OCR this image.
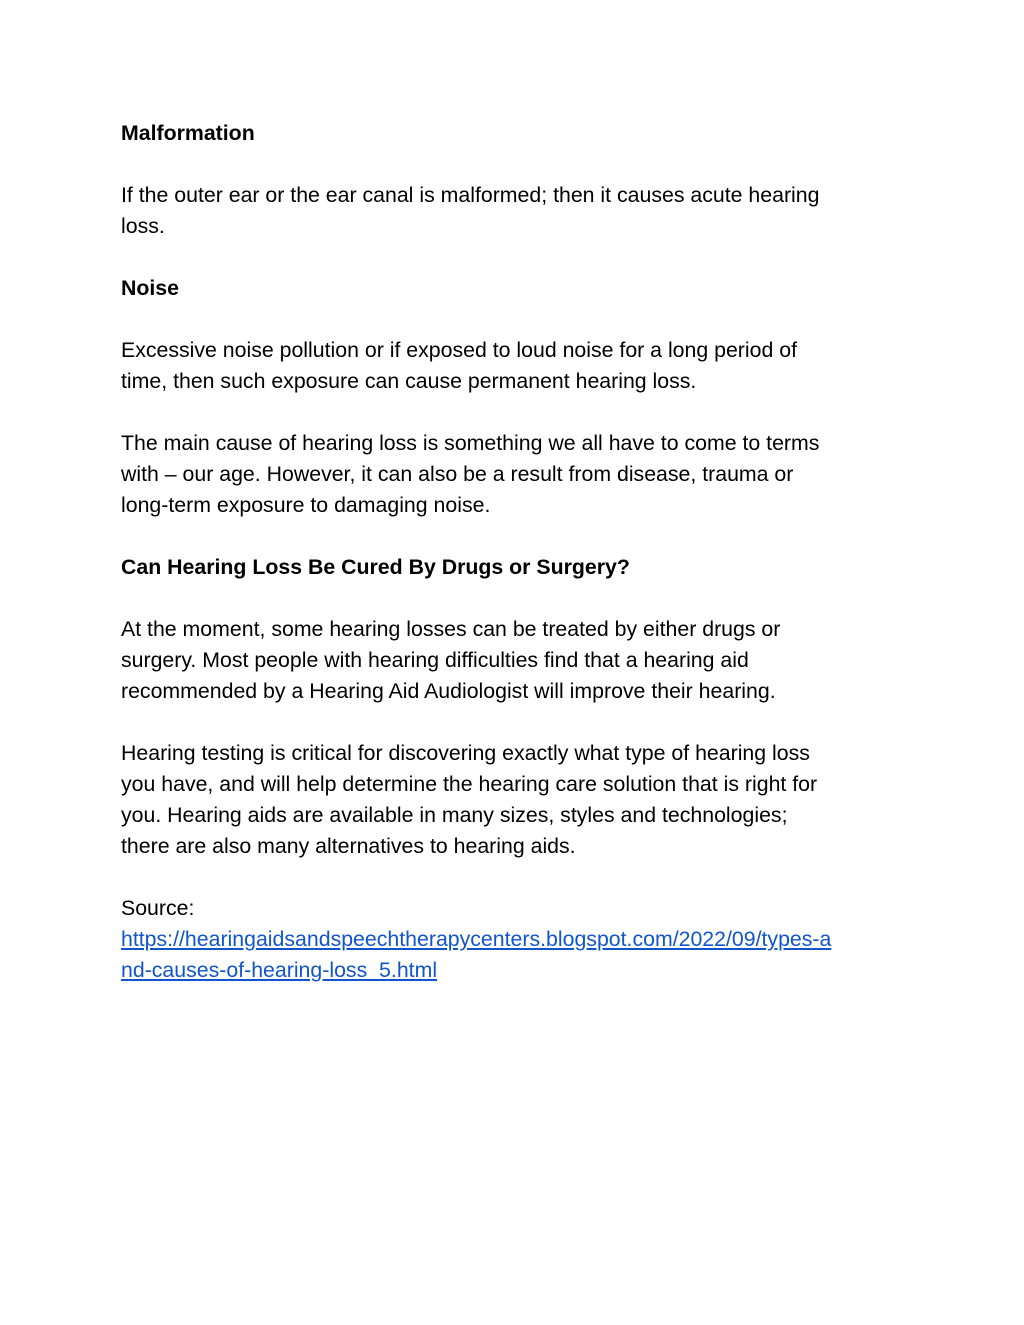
Malformation

If the outer ear or the ear canal is malformed; then it causes acute hearing

loss.

Noise

Excessive noise pollution or if exposed to loud noise for a long period of

time, then such exposure can cause permanent hearing loss.

The main cause of hearing loss is something we all have to come to terms

with – our age. However, it can also be a result from disease, trauma or

long-term exposure to damaging noise.

Can Hearing Loss Be Cured By Drugs or Surgery?

At the moment, some hearing losses can be treated by either drugs or

surgery. Most people with hearing difficulties find that a hearing aid

recommended by a Hearing Aid Audiologist will improve their hearing.

Hearing testing is critical for discovering exactly what type of hearing loss

you have, and will help determine the hearing care solution that is right for

you. Hearing aids are available in many sizes, styles and technologies;

there are also many alternatives to hearing aids.

Source:

https://hearingaidsandspeechtherapycenters.blogspot.com/2022/09/types-a
nd-causes-of-hearing-loss_5.html
